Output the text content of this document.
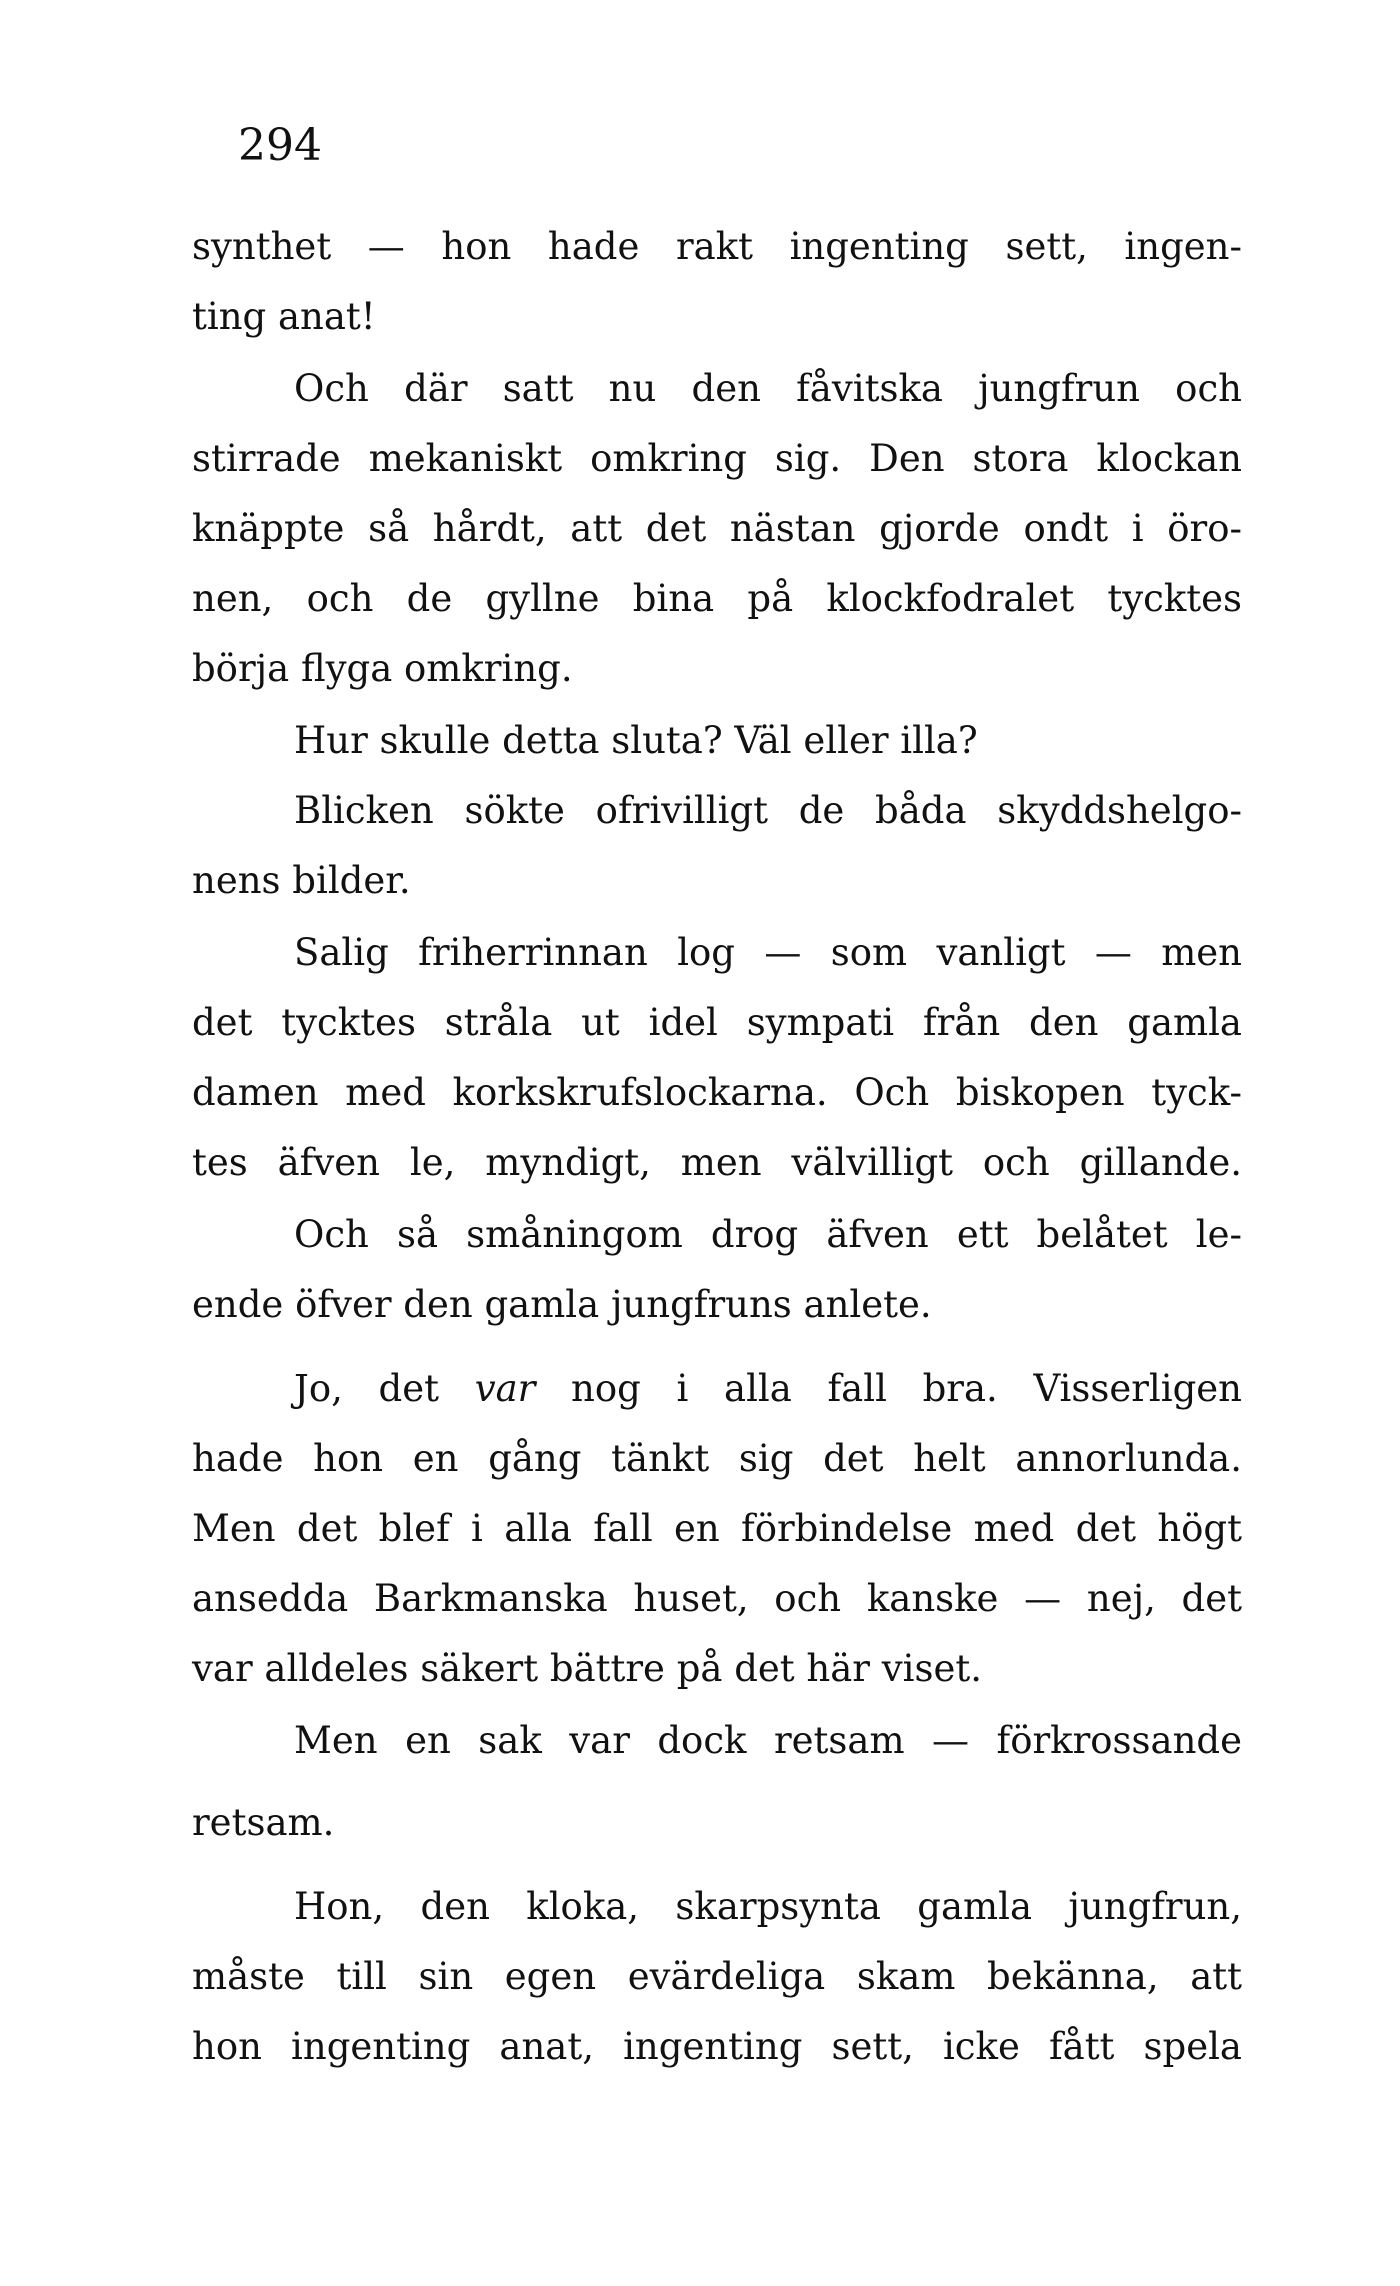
294
synthet — hon hade rakt ingenting sett, ingen-
ting anat!
Och där satt nu den fåvitska jungfrun och
stirrade mekaniskt omkring sig. Den stora klockan
knäppte så hårdt, att det nästan gjorde ondt i öro-
nen, och de gyllne bina på klockfodralet tycktes
börja flyga omkring.
Hur skulle detta sluta? Väl eller illa?
Blicken sökte ofrivilligt de båda skyddshelgo-
nens bilder.
Salig friherrinnan log — som vanligt — men
det tycktes stråla ut idel sympati från den gamla
damen med korkskrufslockarna. Och biskopen tyck-
tes äfven le, myndigt, men välvilligt och gillande.
Och så småningom drog äfven ett belåtet le-
ende öfver den gamla jungfruns anlete.
Jo, det var nog i alla fall bra. Visserligen
hade hon en gång tänkt sig det helt annorlunda.
Men det blef i alla fall en förbindelse med det högt
ansedda Barkmanska huset, och kanske — nej, det
var alldeles säkert bättre på det här viset.
Men en sak var dock retsam — förkrossande
retsam.
Hon, den kloka, skarpsynta gamla jungfrun,
måste till sin egen evärdeliga skam bekänna, att
hon ingenting anat, ingenting sett, icke fått spela
